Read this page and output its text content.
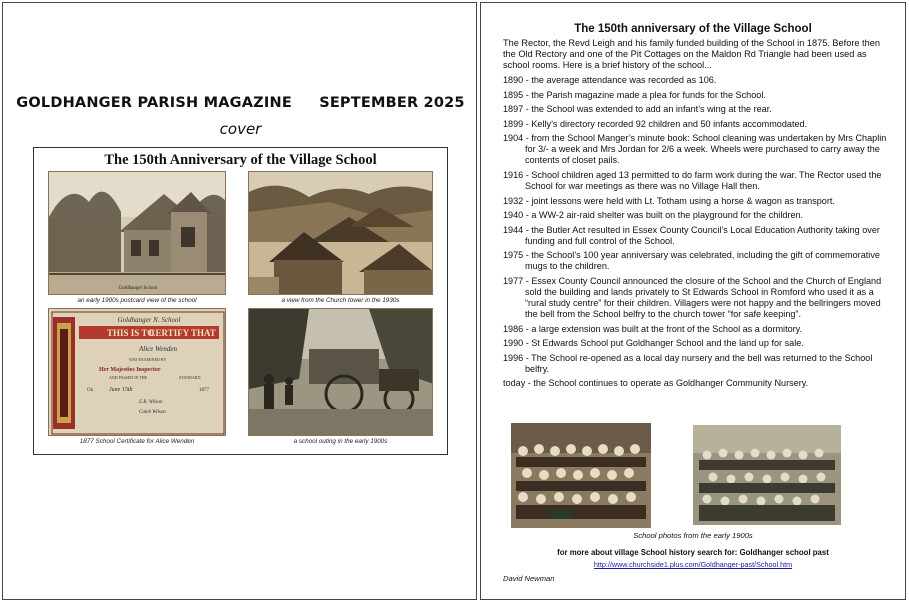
GOLDHANGER PARISH MAGAZINE SEPTEMBER 2025
cover
The 150th Anniversary of the Village School
Goldhanger School
an early 1900s postcard view of the school	a view from the Church tower in the 1930s
Goldhanger N. School
THIS IS TO
CERTIFY THAT
Alice Wenden
WAS EXAMINED BY
Her Majesties Inspector
AND PASSED IN THE	STANDARD
On	June 15th	1877
E.B. Wilson
Caleb Wilson
1877 School Certificate for Alice Wenden	a school outing in the early 1900s
The 150th anniversary of the Village School
The Rector, the Revd Leigh and his family funded building of the School in 1875. Before then the Old Rectory and one of the Pit Cottages on the Maldon Rd Triangle had been used as school rooms. Here is a brief history of the school...
1890 - the average attendance was recorded as 106.
1895 - the Parish magazine made a plea for funds for the School.
1897 - the School was extended to add an infant’s wing at the rear.
1899 - Kelly’s directory recorded 92 children and 50 infants accommodated.
1904 - from the School Manger’s minute book: School cleaning was undertaken by Mrs Chaplin for 3/- a week and Mrs Jordan for 2/6 a week. Wheels were purchased to carry away the contents of closet pails.
1916 - School children aged 13 permitted to do farm work during the war. The Rector used the School for war meetings as there was no Village Hall then.
1932 - joint lessons were held with Lt. Totham using a horse & wagon as transport.
1940 - a WW-2 air-raid shelter was built on the playground for the children.
1944 - the Butler Act resulted in Essex County Council’s Local Education Authority taking over funding and full control of the School.
1975 - the School’s 100 year anniversary was celebrated, including the gift of commemorative mugs to the children.
1977 - Essex County Council announced the closure of the School and the Church of England sold the building and lands privately to St Edwards School in Romford who used it as a “rural study centre” for their children. Villagers were not happy and the bellringers moved the bell from the School belfry to the church tower “for safe keeping”.
1986 - a large extension was built at the front of the School as a dormitory.
1990 - St Edwards School put Goldhanger School and the land up for sale.
1996 - The School re-opened as a local day nursery and the bell was returned to the School belfry.
today - the School continues to operate as Goldhanger Community Nursery.
School photos from the early 1900s
for more about village School history search for: Goldhanger school past
http://www.churchside1.plus.com/Goldhanger-past/School.htm
David Newman
